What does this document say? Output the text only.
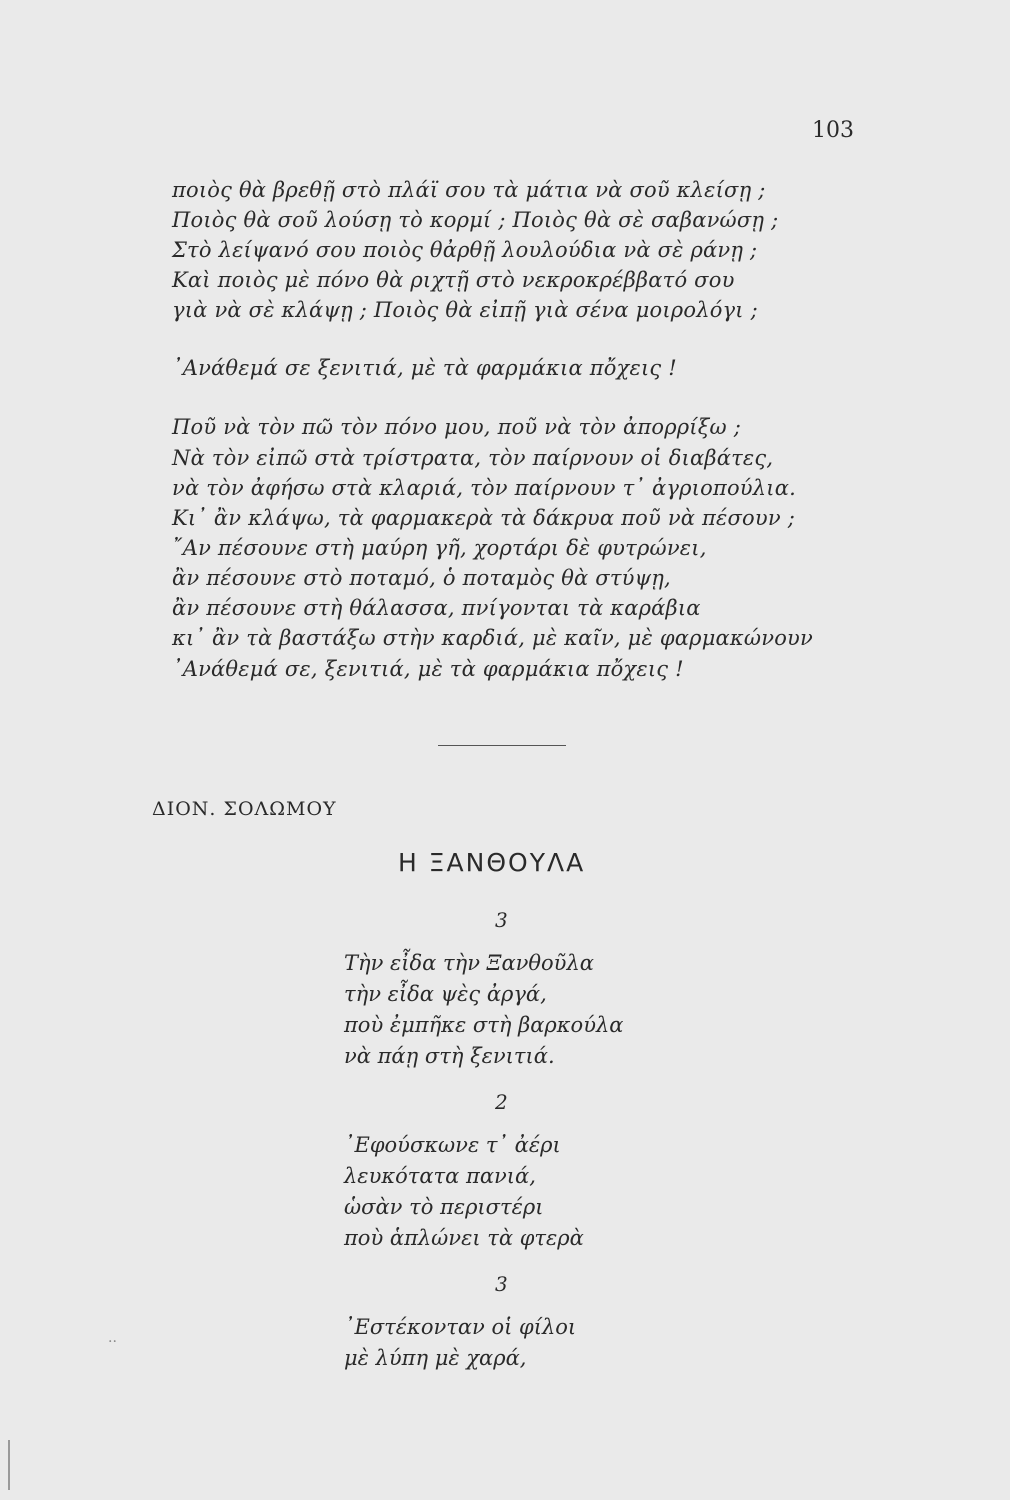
103
ποιὸς θὰ βρεθῇ στὸ πλάϊ σου τὰ μάτια νὰ σοῦ κλείσῃ ;
Ποιὸς θὰ σοῦ λούσῃ τὸ κορμί ; Ποιὸς θὰ σὲ σαβανώσῃ ;
Στὸ λείψανό σου ποιὸς θἀρθῇ λουλούδια νὰ σὲ ράνῃ ;
Καὶ ποιὸς μὲ πόνο θὰ ριχτῇ στὸ νεκροκρέββατό σου
γιὰ νὰ σὲ κλάψῃ ; Ποιὸς θὰ εἰπῇ γιὰ σένα μοιρολόγι ;
᾽Ανάθεμά σε ξενιτιά, μὲ τὰ φαρμάκια πὄχεις !
Ποῦ νὰ τὸν πῶ τὸν πόνο μου, ποῦ νὰ τὸν ἀπορρίξω ;
Νὰ τὸν εἰπῶ στὰ τρίστρατα, τὸν παίρνουν οἱ διαβάτες,
νὰ τὸν ἀφήσω στὰ κλαριά, τὸν παίρνουν τ᾽ ἀγριοπούλια.
Κι᾽ ἂν κλάψω, τὰ φαρμακερὰ τὰ δάκρυα ποῦ νὰ πέσουν ;
῎Αν πέσουνε στὴ μαύρη γῆ, χορτάρι δὲ φυτρώνει,
ἂν πέσουνε στὸ ποταμό, ὁ ποταμὸς θὰ στύψῃ,
ἂν πέσουνε στὴ θάλασσα, πνίγονται τὰ καράβια
κι᾽ ἂν τὰ βαστάξω στὴν καρδιά, μὲ καῖν, μὲ φαρμακώνουν
᾽Ανάθεμά σε, ξενιτιά, μὲ τὰ φαρμάκια πὄχεις !
ΔΙΟΝ. ΣΟΛΩΜΟΥ
Η ΞΑΝΘΟΥΛΑ
3
Τὴν εἶδα τὴν Ξανθοῦλα
τὴν εἶδα ψὲς ἀργά,
ποὺ ἐμπῆκε στὴ βαρκούλα
νὰ πάῃ στὴ ξενιτιά.
2
᾽Εφούσκωνε τ᾽ ἀέρι
λευκότατα πανιά,
ὡσὰν τὸ περιστέρι
ποὺ ἁπλώνει τὰ φτερὰ
3
᾽Εστέκονταν οἱ φίλοι
μὲ λύπη μὲ χαρά,
..
